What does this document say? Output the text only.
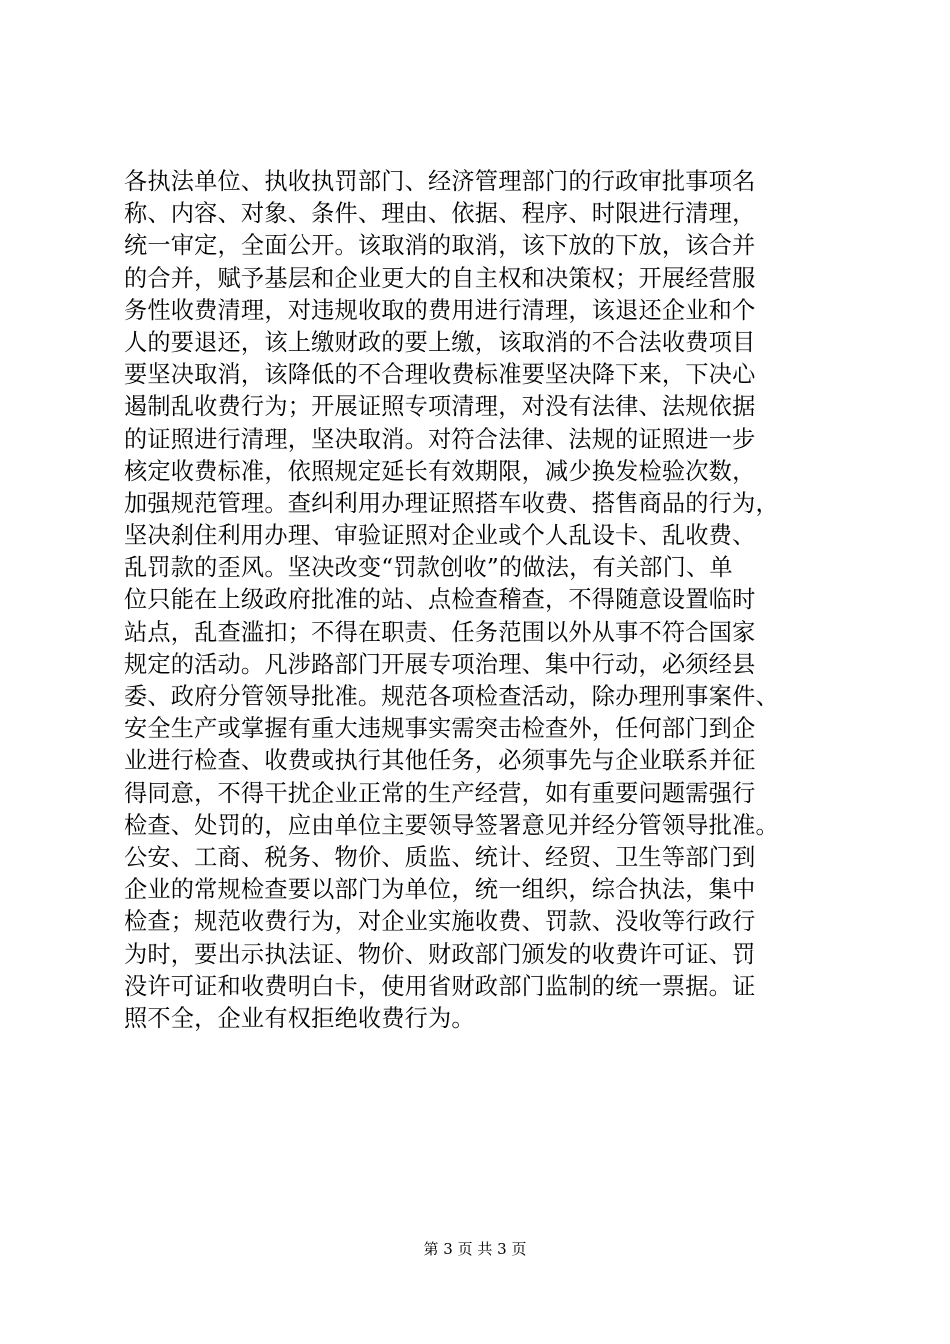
各执法单位、执收执罚部门、经济管理部门的行政审批事项名
称、内容、对象、条件、理由、依据、程序、时限进行清理，
统一审定，全面公开。该取消的取消，该下放的下放，该合并
的合并，赋予基层和企业更大的自主权和决策权；开展经营服
务性收费清理，对违规收取的费用进行清理，该退还企业和个
人的要退还，该上缴财政的要上缴，该取消的不合法收费项目
要坚决取消，该降低的不合理收费标准要坚决降下来，下决心
遏制乱收费行为；开展证照专项清理，对没有法律、法规依据
的证照进行清理，坚决取消。对符合法律、法规的证照进一步
核定收费标准，依照规定延长有效期限，减少换发检验次数，
加强规范管理。查纠利用办理证照搭车收费、搭售商品的行为，
坚决刹住利用办理、审验证照对企业或个人乱设卡、乱收费、
乱罚款的歪风。坚决改变“罚款创收”的做法，有关部门、单
位只能在上级政府批准的站、点检查稽查，不得随意设置临时
站点，乱查滥扣；不得在职责、任务范围以外从事不符合国家
规定的活动。凡涉路部门开展专项治理、集中行动，必须经县
委、政府分管领导批准。规范各项检查活动，除办理刑事案件、
安全生产或掌握有重大违规事实需突击检查外，任何部门到企
业进行检查、收费或执行其他任务，必须事先与企业联系并征
得同意，不得干扰企业正常的生产经营，如有重要问题需强行
检查、处罚的，应由单位主要领导签署意见并经分管领导批准。
公安、工商、税务、物价、质监、统计、经贸、卫生等部门到
企业的常规检查要以部门为单位，统一组织，综合执法，集中
检查；规范收费行为，对企业实施收费、罚款、没收等行政行
为时，要出示执法证、物价、财政部门颁发的收费许可证、罚
没许可证和收费明白卡，使用省财政部门监制的统一票据。证
照不全，企业有权拒绝收费行为。
第 3 页 共 3 页
